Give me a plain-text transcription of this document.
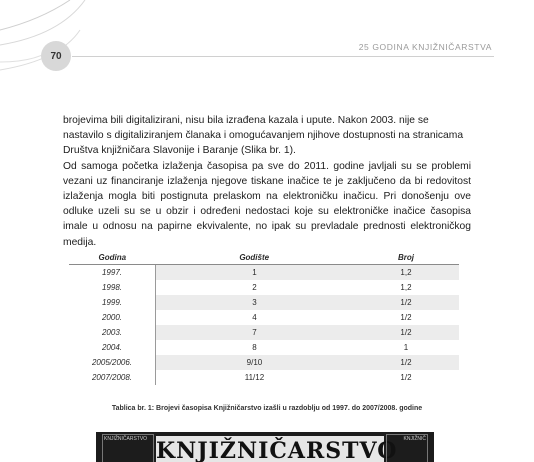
70
25 GODINA KNJIŽNIČARSTVA

brojevima bili digitalizirani, nisu bila izrađena kazala i upute. Nakon 2003. nije se nastavilo s digitaliziranjem članaka i omogućavanjem njihove dostupnosti na stranicama Društva knjižničara Slavonije i Baranje (Slika br. 1).

Od samoga početka izlaženja časopisa pa sve do 2011. godine javljali su se problemi vezani uz financiranje izlaženja njegove tiskane inačice te je zaključeno da bi redovitost izlaženja mogla biti postignuta prelaskom na elektroničku inačicu. Pri donošenju ove odluke uzeli su se u obzir i određeni nedostaci koje su elektroničke inačice časopisa imale u odnosu na papirne ekvivalente, no ipak su prevladale prednosti elektroničkog medija.

Godina	Godište	Broj
1997.	1	1,2
1998.	2	1,2
1999.	3	1/2
2000.	4	1/2
2003.	7	1/2
2004.	8	1
2005/2006.	9/10	1/2
2007/2008.	11/12	1/2
Tablica br. 1: Brojevi časopisa Knjižničarstvo izašli u razdoblju od 1997. do 2007/2008. godine
KNJIŽNIČARSTVO KNJIŽNIČARSTVO	KNJIŽNIČ
